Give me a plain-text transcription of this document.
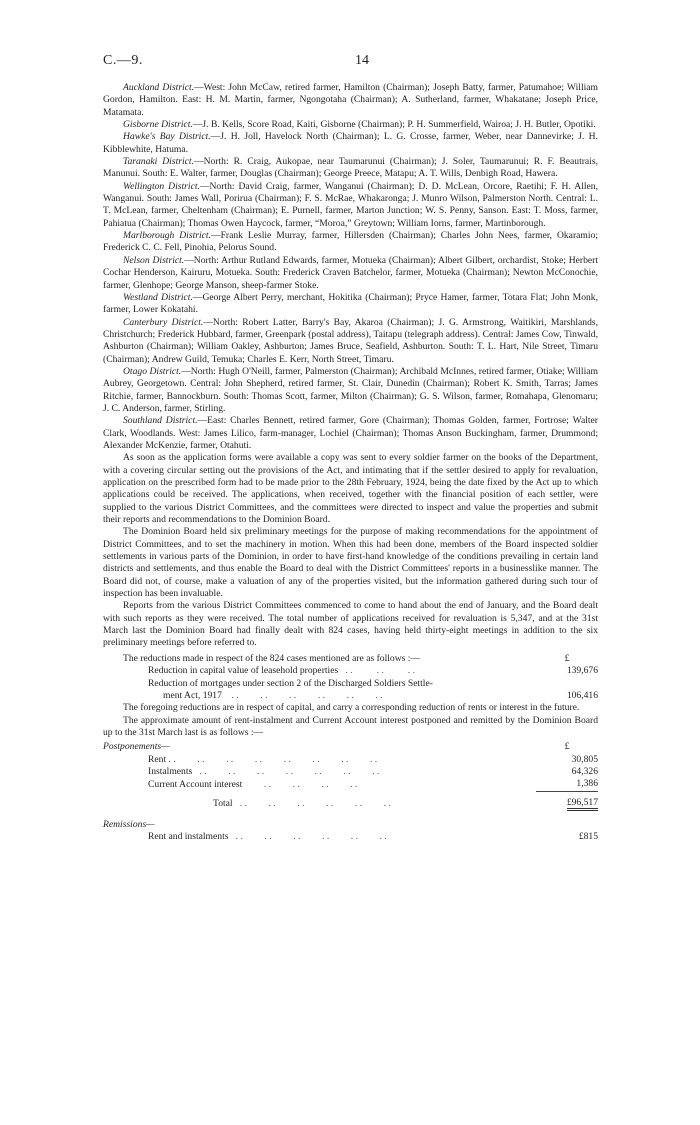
C.—9.	14

Auckland District.—West: John McCaw, retired farmer, Hamilton (Chairman); Joseph Batty, farmer, Patumahoe; William Gordon, Hamilton. East: H. M. Martin, farmer, Ngongotaha (Chairman); A. Sutherland, farmer, Whakatane; Joseph Price, Matamata.

Gisborne District.—J. B. Kells, Score Road, Kaiti, Gisborne (Chairman); P. H. Summerfield, Wairoa; J. H. Butler, Opotiki.

Hawke's Bay District.—J. H. Joll, Havelock North (Chairman); L. G. Crosse, farmer, Weber, near Dannevirke; J. H. Kibblewhite, Hatuma.

Taranaki District.—North: R. Craig, Aukopae, near Taumarunui (Chairman); J. Soler, Taumarunui; R. F. Beautrais, Manunui. South: E. Walter, farmer, Douglas (Chairman); George Preece, Matapu; A. T. Wills, Denbigh Road, Hawera.

Wellington District.—North: David Craig, farmer, Wanganui (Chairman); D. D. McLean, Orcore, Raetihi; F. H. Allen, Wanganui. South: James Wall, Porirua (Chairman); F. S. McRae, Whakaronga; J. Munro Wilson, Palmerston North. Central: L. T. McLean, farmer, Cheltenham (Chairman); E. Purnell, farmer, Marton Junction; W. S. Penny, Sanson. East: T. Moss, farmer, Pahiatua (Chairman); Thomas Owen Haycock, farmer, “Moroa,” Greytown; William Iorns, farmer, Martinborough.

Marlborough District.—Frank Leslie Murray, farmer, Hillersden (Chairman); Charles John Nees, farmer, Okaramio; Frederick C. C. Fell, Pinohia, Pelorus Sound.

Nelson District.—North: Arthur Rutland Edwards, farmer, Motueka (Chairman); Albert Gilbert, orchardist, Stoke; Herbert Cochar Henderson, Kairuru, Motueka. South: Frederick Craven Batchelor, farmer, Motueka (Chairman); Newton McConochie, farmer, Glenhope; George Manson, sheep-farmer Stoke.

Westland District.—George Albert Perry, merchant, Hokitika (Chairman); Pryce Hamer, farmer, Totara Flat; John Monk, farmer, Lower Kokatahi.

Canterbury District.—North: Robert Latter, Barry's Bay, Akaroa (Chairman); J. G. Armstrong, Waitikiri, Marshlands, Christchurch; Frederick Hubbard, farmer, Greenpark (postal address), Taitapu (telegraph address). Central: James Cow, Tinwald, Ashburton (Chairman); William Oakley, Ashburton; James Bruce, Seafield, Ashburton. South: T. L. Hart, Nile Street, Timaru (Chairman); Andrew Guild, Temuka; Charles E. Kerr, North Street, Timaru.

Otago District.—North: Hugh O'Neill, farmer, Palmerston (Chairman); Archibald McInnes, retired farmer, Otiake; William Aubrey, Georgetown. Central: John Shepherd, retired farmer, St. Clair, Dunedin (Chairman); Robert K. Smith, Tarras; James Ritchie, farmer, Bannockburn. South: Thomas Scott, farmer, Milton (Chairman); G. S. Wilson, farmer, Romahapa, Glenomaru; J. C. Anderson, farmer, Stirling.

Southland District.—East: Charles Bennett, retired farmer, Gore (Chairman); Thomas Golden, farmer, Fortrose; Walter Clark, Woodlands. West: James Lilico, farm-manager, Lochiel (Chairman); Thomas Anson Buckingham, farmer, Drummond; Alexander McKenzie, farmer, Otahuti.

As soon as the application forms were available a copy was sent to every soldier farmer on the books of the Department, with a covering circular setting out the provisions of the Act, and intimating that if the settler desired to apply for revaluation, application on the prescribed form had to be made prior to the 28th February, 1924, being the date fixed by the Act up to which applications could be received. The applications, when received, together with the financial position of each settler, were supplied to the various District Committees, and the committees were directed to inspect and value the properties and submit their reports and recommendations to the Dominion Board.

The Dominion Board held six preliminary meetings for the purpose of making recommendations for the appointment of District Committees, and to set the machinery in motion. When this had been done, members of the Board inspected soldier settlements in various parts of the Dominion, in order to have first-hand knowledge of the conditions prevailing in certain land districts and settlements, and thus enable the Board to deal with the District Committees' reports in a businesslike manner. The Board did not, of course, make a valuation of any of the properties visited, but the information gathered during such tour of inspection has been invaluable.

Reports from the various District Committees commenced to come to hand about the end of January, and the Board dealt with such reports as they were received. The total number of applications received for revaluation is 5,347, and at the 31st March last the Dominion Board had finally dealt with 824 cases, having held thirty-eight meetings in addition to the six preliminary meetings before referred to.

The reductions made in respect of the 824 cases mentioned are as follows :—	£
Reduction in capital value of leasehold properties   . .          . .          . .	139,676
Reduction of mortgages under section 2 of the Discharged Soldiers Settle-	
ment Act, 1917    . .         . .         . .         . .         . .         . .	106,416

The foregoing reductions are in respect of capital, and carry a corresponding reduction of rents or interest in the future.

The approximate amount of rent-instalment and Current Account interest postponed and remitted by the Dominion Board up to the 31st March last is as follows :—

Postponements—	£
Rent . .         . .         . .         . .         . .         . .         . .         . .	30,805
Instalments   . .         . .         . .         . .         . .         . .         . .	64,326
Current Account interest         . .         . .         . .         . .	1,386
Total   . .         . .         . .         . .         . .         . .	£96,517
Remissions—	
Rent and instalments   . .         . .         . .         . .         . .         . .	£815
